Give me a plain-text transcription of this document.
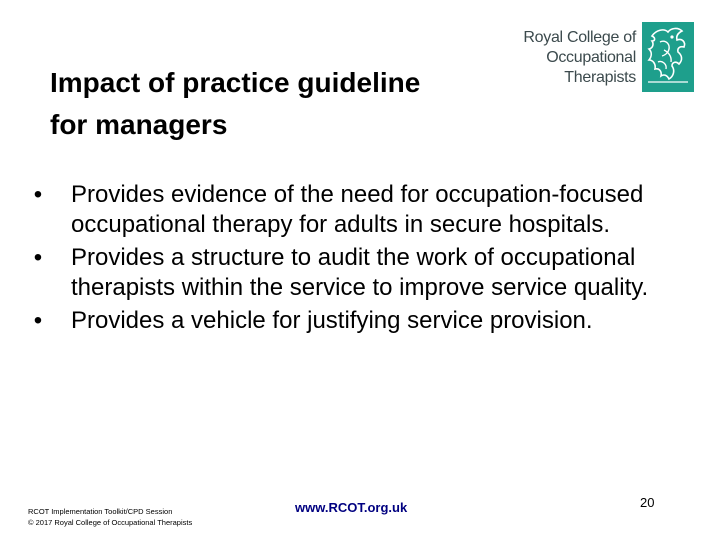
Impact of practice guideline
for managers
Royal College of
Occupational
Therapists
• Provides evidence of the need for occupation-focused occupational therapy for adults in secure hospitals.
• Provides a structure to audit the work of occupational therapists within the service to improve service quality.
• Provides a vehicle for justifying service provision.
RCOT Implementation Toolkit/CPD Session
© 2017 Royal College of Occupational Therapists
www.RCOT.org.uk	20
